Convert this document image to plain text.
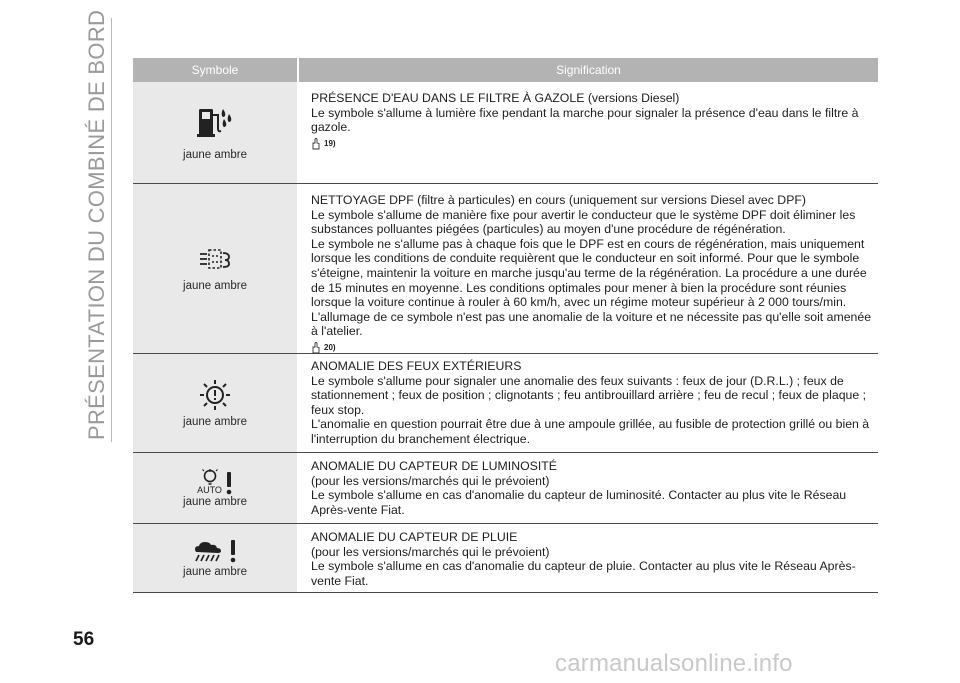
PRÉSENTATION DU COMBINÉ DE BORD	Symbole	Signification
jaune ambre
PRÉSENCE D'EAU DANS LE FILTRE À GAZOLE (versions Diesel)
Le symbole s'allume à lumière fixe pendant la marche pour signaler la présence d'eau dans le filtre à gazole.
19)
jaune ambre
NETTOYAGE DPF (filtre à particules) en cours (uniquement sur versions Diesel avec DPF)
Le symbole s'allume de manière fixe pour avertir le conducteur que le système DPF doit éliminer les substances polluantes piégées (particules) au moyen d'une procédure de régénération.
Le symbole ne s'allume pas à chaque fois que le DPF est en cours de régénération, mais uniquement lorsque les conditions de conduite requièrent que le conducteur en soit informé. Pour que le symbole s'éteigne, maintenir la voiture en marche jusqu'au terme de la régénération. La procédure a une durée de 15 minutes en moyenne. Les conditions optimales pour mener à bien la procédure sont réunies lorsque la voiture continue à rouler à 60 km/h, avec un régime moteur supérieur à 2 000 tours/min.
L'allumage de ce symbole n'est pas une anomalie de la voiture et ne nécessite pas qu'elle soit amenée à l'atelier.
20)
jaune ambre
ANOMALIE DES FEUX EXTÉRIEURS
Le symbole s'allume pour signaler une anomalie des feux suivants : feux de jour (D.R.L.) ; feux de stationnement ; feux de position ; clignotants ; feu antibrouillard arrière ; feu de recul ; feux de plaque ; feux stop.
L'anomalie en question pourrait être due à une ampoule grillée, au fusible de protection grillé ou bien à l'interruption du branchement électrique.
AUTO
jaune ambre
ANOMALIE DU CAPTEUR DE LUMINOSITÉ
(pour les versions/marchés qui le prévoient)
Le symbole s'allume en cas d'anomalie du capteur de luminosité. Contacter au plus vite le Réseau Après-vente Fiat.
jaune ambre
ANOMALIE DU CAPTEUR DE PLUIE
(pour les versions/marchés qui le prévoient)
Le symbole s'allume en cas d'anomalie du capteur de pluie. Contacter au plus vite le Réseau Après-vente Fiat.
56
carmanualsonline.info
